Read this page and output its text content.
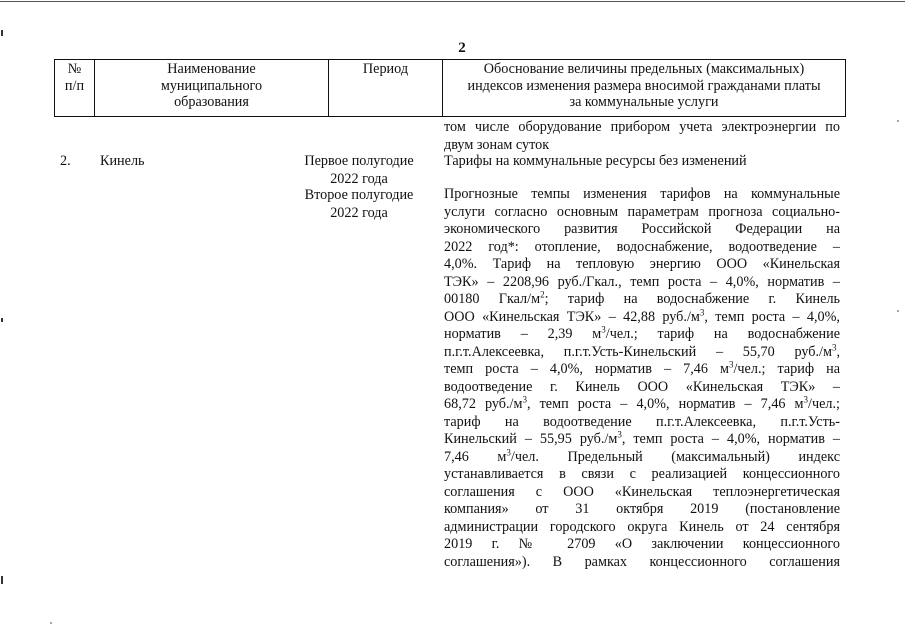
2
№
п/п
Наименование
муниципального
образования
Период	Обоснование величины предельных (максимальных)
индексов изменения размера вносимой гражданами платы
за коммунальные услуги
том числе оборудование прибором учета электроэнергии по
двум зонам суток
2. Кинель	Первое полугодие
2022 года
Второе полугодие
2022 года
Тарифы на коммунальные ресурсы без изменений
Прогнозные темпы изменения тарифов на коммунальные
услуги согласно основным параметрам прогноза социально-
экономического развития Российской Федерации на
2022 год*: отопление, водоснабжение, водоотведение –
4,0%. Тариф на тепловую энергию ООО «Кинельская
ТЭК» – 2208,96 руб./Гкал., темп роста – 4,0%, норматив –
00180 Гкал/$м^2$; тариф на водоснабжение г. Кинель
ООО «Кинельская ТЭК» – 42,88 $руб./м^3$, темп роста – 4,0%,
норматив – 2,39 $м^3$/чел.; тариф на водоснабжение
п.г.т.Алексеевка, п.г.т.Усть-Кинельский – 55,70 $руб./м^3$,
темп роста – 4,0%, норматив – 7,46 $м^3$/чел.; тариф на
водоотведение г. Кинель ООО «Кинельская ТЭК» –
68,72 $руб./м^3$, темп роста – 4,0%, норматив – 7,46 $м^3$/чел.;
тариф на водоотведение п.г.т.Алексеевка, п.г.т.Усть-
Кинельский – 55,95 $руб./м^3$, темп роста – 4,0%, норматив –
7,46 $м^3$/чел. Предельный (максимальный) индекс
устанавливается в связи с реализацией концессионного
соглашения с ООО «Кинельская теплоэнергетическая
компания» от 31 октября 2019 (постановление
администрации городского округа Кинель от 24 сентября
2019 г. № 2709 «О заключении концессионного
соглашения»). В рамках концессионного соглашения
